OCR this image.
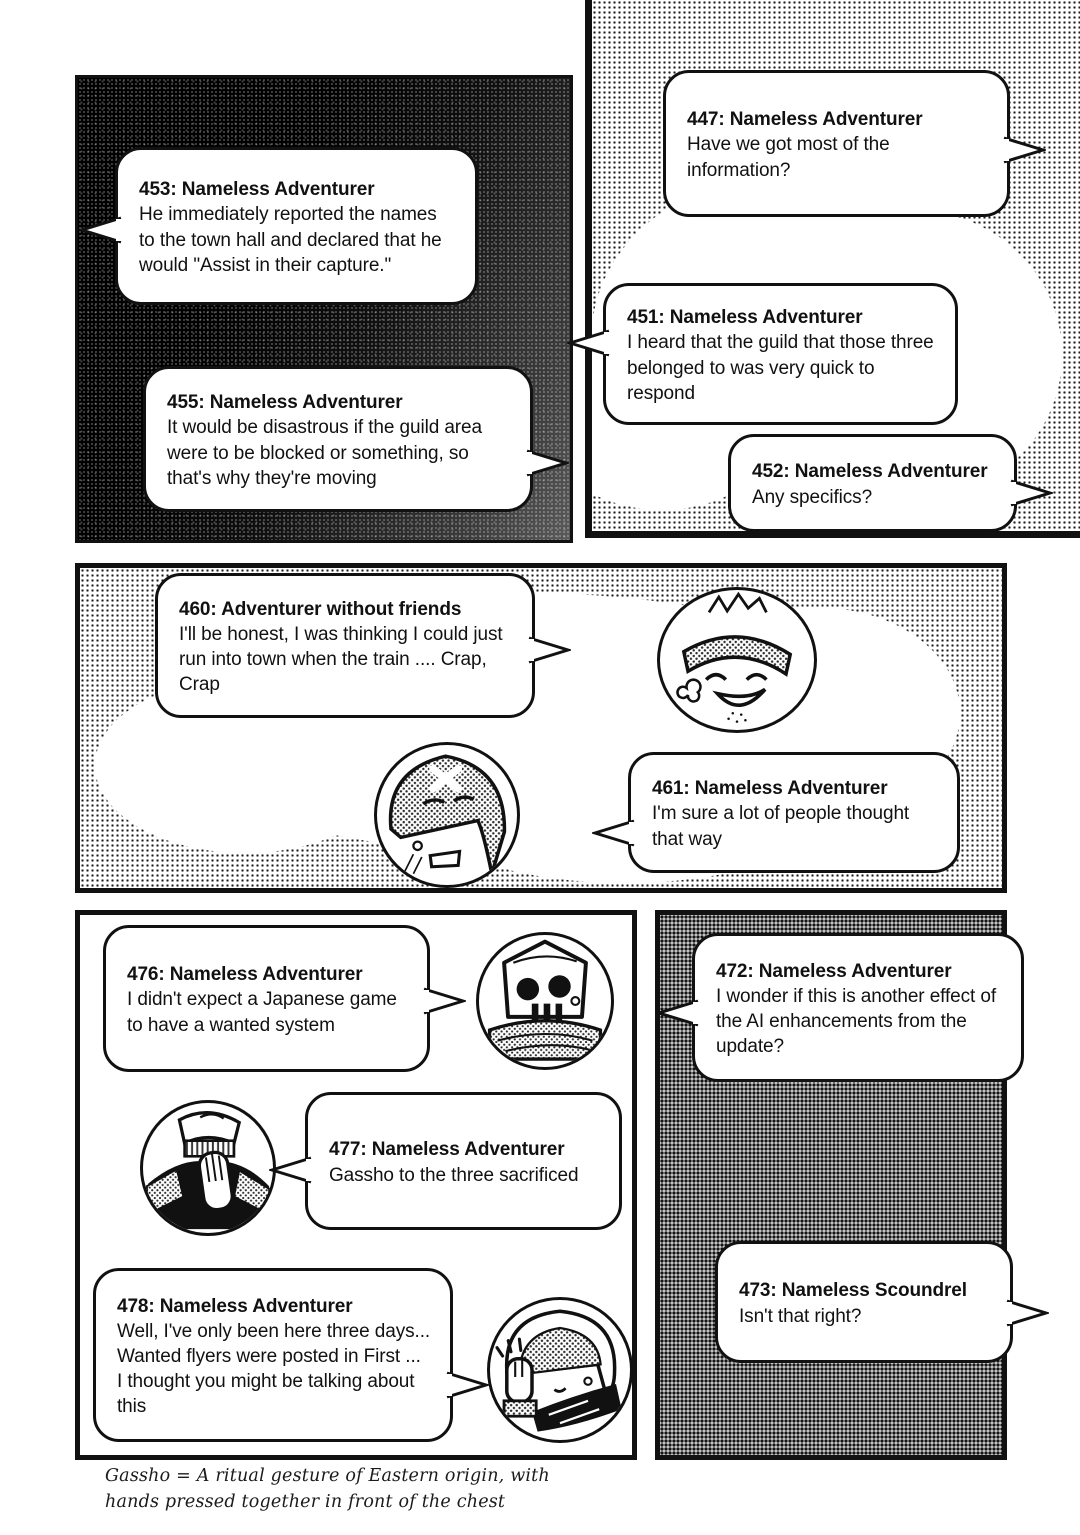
453: Nameless Adventurer
He immediately reported the names to the town hall and declared that he would "Assist in their capture."
455: Nameless Adventurer
It would be disastrous if the guild area were to be blocked or something, so that's why they're moving
447: Nameless Adventurer
Have we got most of the information?
451: Nameless Adventurer
I heard that the guild that those three belonged to was very quick to respond
452: Nameless Adventurer
Any specifics?
460: Adventurer without friends
I'll be honest, I was thinking I could just run into town when the train .... Crap, Crap
461: Nameless Adventurer
I'm sure a lot of people thought that way
476: Nameless Adventurer
I didn't expect a Japanese game to have a wanted system
477: Nameless Adventurer
Gassho to the three sacrificed
478: Nameless Adventurer
Well, I've only been here three days... Wanted flyers were posted in First ... I thought you might be talking about this
472: Nameless Adventurer
I wonder if this is another effect of the AI enhancements from the update?
473: Nameless Scoundrel
Isn't that right?
Gassho = A ritual gesture of Eastern origin, with hands pressed together in front of the chest
